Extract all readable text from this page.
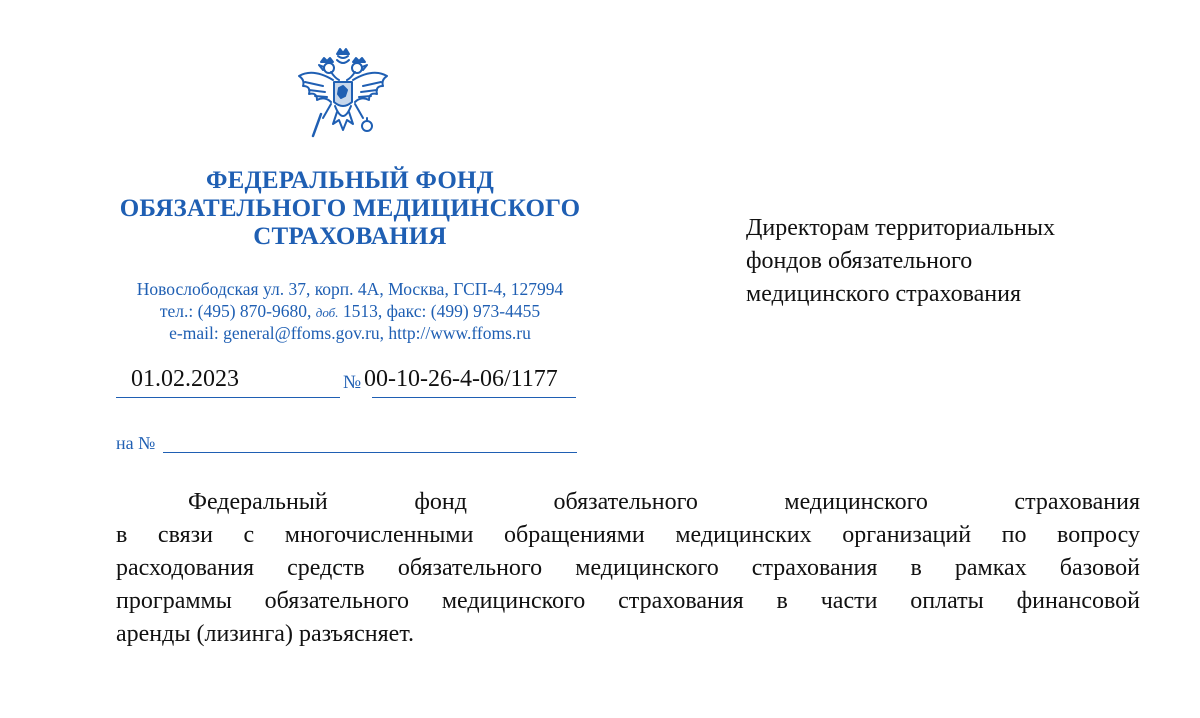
ФЕДЕРАЛЬНЫЙ ФОНД
ОБЯЗАТЕЛЬНОГО МЕДИЦИНСКОГО
СТРАХОВАНИЯ
Новослободская ул. 37, корп. 4А, Москва, ГСП-4, 127994
тел.: (495) 870-9680, доб. 1513, факс: (499) 973-4455
e-mail: general@ffoms.gov.ru, http://www.ffoms.ru
01.02.2023	№ 00-10-26-4-06/1177
на №
Директорам территориальных
фондов обязательного
медицинского страхования
Федеральный фонд обязательного медицинского страхования
в связи с многочисленными обращениями медицинских организаций по вопросу
расходования средств обязательного медицинского страхования в рамках базовой
программы обязательного медицинского страхования в части оплаты финансовой
аренды (лизинга) разъясняет.
